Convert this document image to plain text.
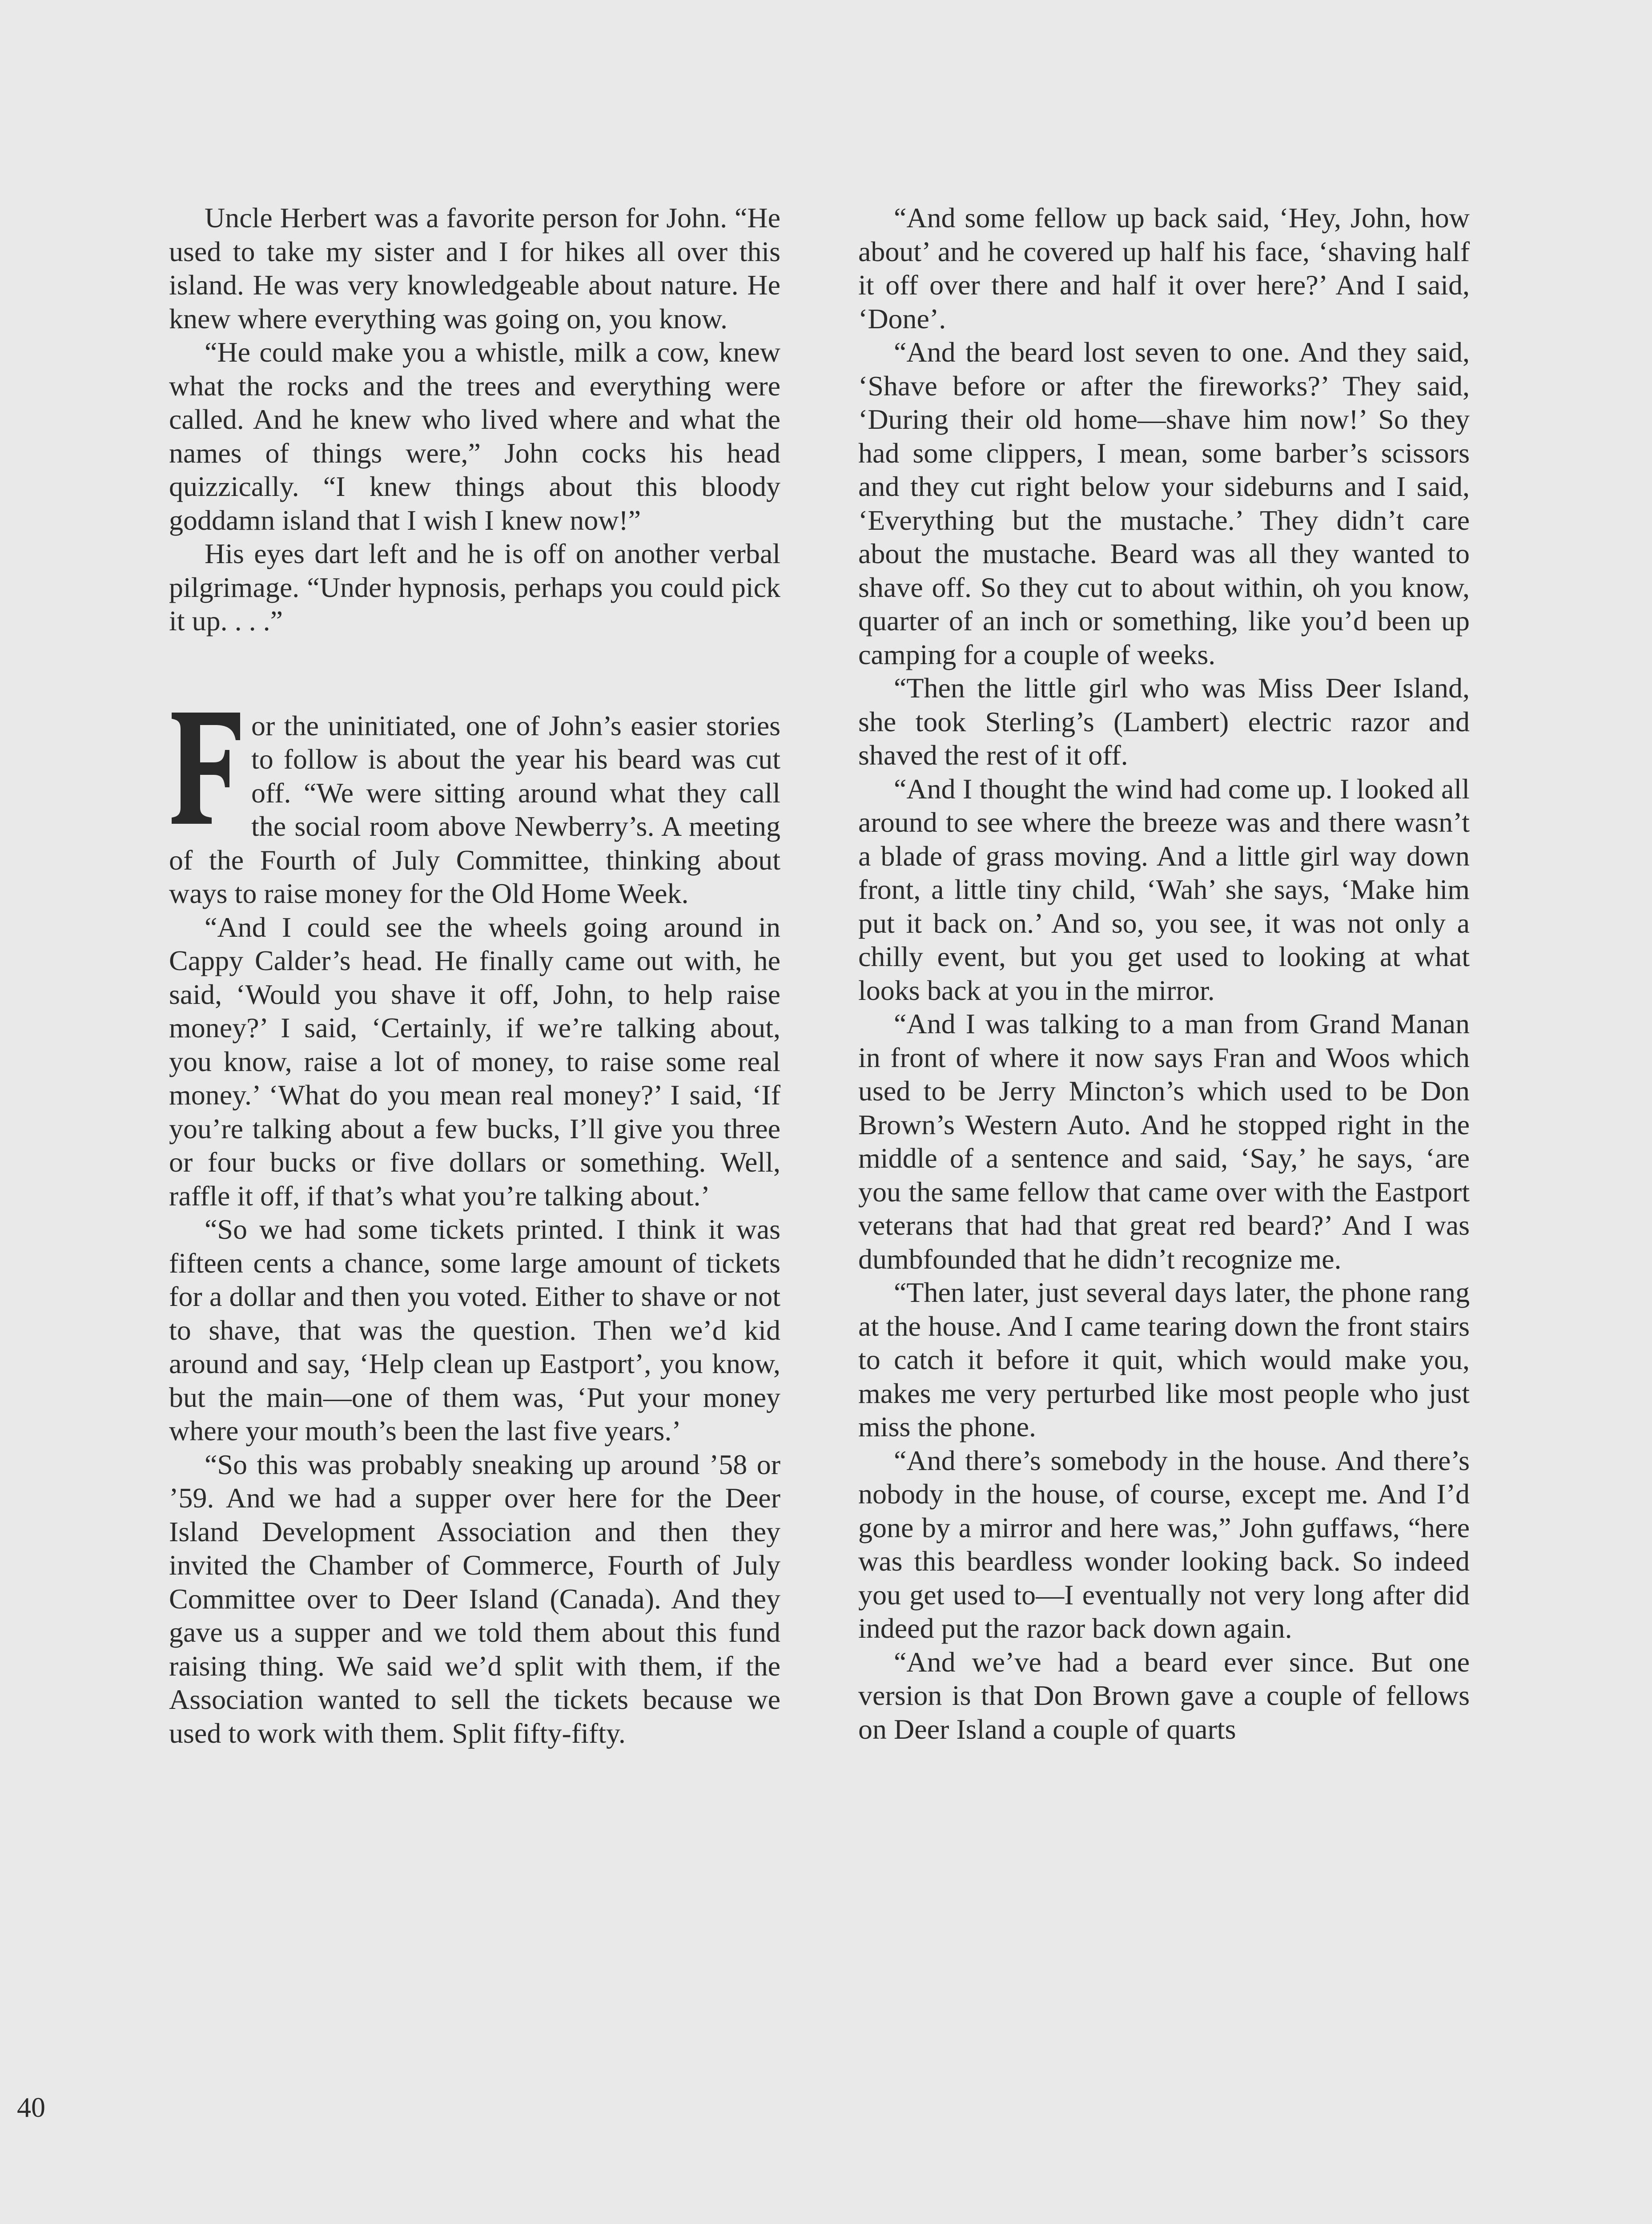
Uncle Herbert was a favorite person for John. “He used to take my sister and I for hikes all over this island. He was very knowledgeable about nature. He knew where everything was going on, you know.

“He could make you a whistle, milk a cow, knew what the rocks and the trees and everything were called. And he knew who lived where and what the names of things were,” John cocks his head quizzically. “I knew things about this bloody goddamn island that I wish I knew now!”

His eyes dart left and he is off on another verbal pilgrimage. “Under hypnosis, perhaps you could pick it up. . . .”

or the uninitiated, one of John’s easier stories to follow is about the year his beard was cut off. “We were sitting around what they call the social room above Newberry’s. A meeting of the Fourth of July Committee, thinking about ways to raise money for the Old Home Week.

“And I could see the wheels going around in Cappy Calder’s head. He finally came out with, he said, ‘Would you shave it off, John, to help raise money?’ I said, ‘Certainly, if we’re talking about, you know, raise a lot of money, to raise some real money.’ ‘What do you mean real money?’ I said, ‘If you’re talking about a few bucks, I’ll give you three or four bucks or five dollars or something. Well, raffle it off, if that’s what you’re talking about.’

“So we had some tickets printed. I think it was fifteen cents a chance, some large amount of tickets for a dollar and then you voted. Either to shave or not to shave, that was the question. Then we’d kid around and say, ‘Help clean up Eastport’, you know, but the main—one of them was, ‘Put your money where your mouth’s been the last five years.’

“So this was probably sneaking up around ’58 or ’59. And we had a supper over here for the Deer Island Development Association and then they invited the Chamber of Commerce, Fourth of July Committee over to Deer Island (Canada). And they gave us a supper and we told them about this fund raising thing. We said we’d split with them, if the Association wanted to sell the tickets because we used to work with them. Split fifty-fifty.

“And some fellow up back said, ‘Hey, John, how about’ and he covered up half his face, ‘shaving half it off over there and half it over here?’ And I said, ‘Done’.

“And the beard lost seven to one. And they said, ‘Shave before or after the fireworks?’ They said, ‘During their old home—shave him now!’ So they had some clippers, I mean, some barber’s scissors and they cut right below your sideburns and I said, ‘Everything but the mustache.’ They didn’t care about the mustache. Beard was all they wanted to shave off. So they cut to about within, oh you know, quarter of an inch or something, like you’d been up camping for a couple of weeks.

“Then the little girl who was Miss Deer Island, she took Sterling’s (Lambert) electric razor and shaved the rest of it off.

“And I thought the wind had come up. I looked all around to see where the breeze was and there wasn’t a blade of grass moving. And a little girl way down front, a little tiny child, ‘Wah’ she says, ‘Make him put it back on.’ And so, you see, it was not only a chilly event, but you get used to looking at what looks back at you in the mirror.

“And I was talking to a man from Grand Manan in front of where it now says Fran and Woos which used to be Jerry Mincton’s which used to be Don Brown’s Western Auto. And he stopped right in the middle of a sentence and said, ‘Say,’ he says, ‘are you the same fellow that came over with the Eastport veterans that had that great red beard?’ And I was dumbfounded that he didn’t recognize me.

“Then later, just several days later, the phone rang at the house. And I came tearing down the front stairs to catch it before it quit, which would make you, makes me very perturbed like most people who just miss the phone.

“And there’s somebody in the house. And there’s nobody in the house, of course, except me. And I’d gone by a mirror and here was,” John guffaws, “here was this beardless wonder looking back. So indeed you get used to—I eventually not very long after did indeed put the razor back down again.

“And we’ve had a beard ever since. But one version is that Don Brown gave a couple of fellows on Deer Island a couple of quarts

40
